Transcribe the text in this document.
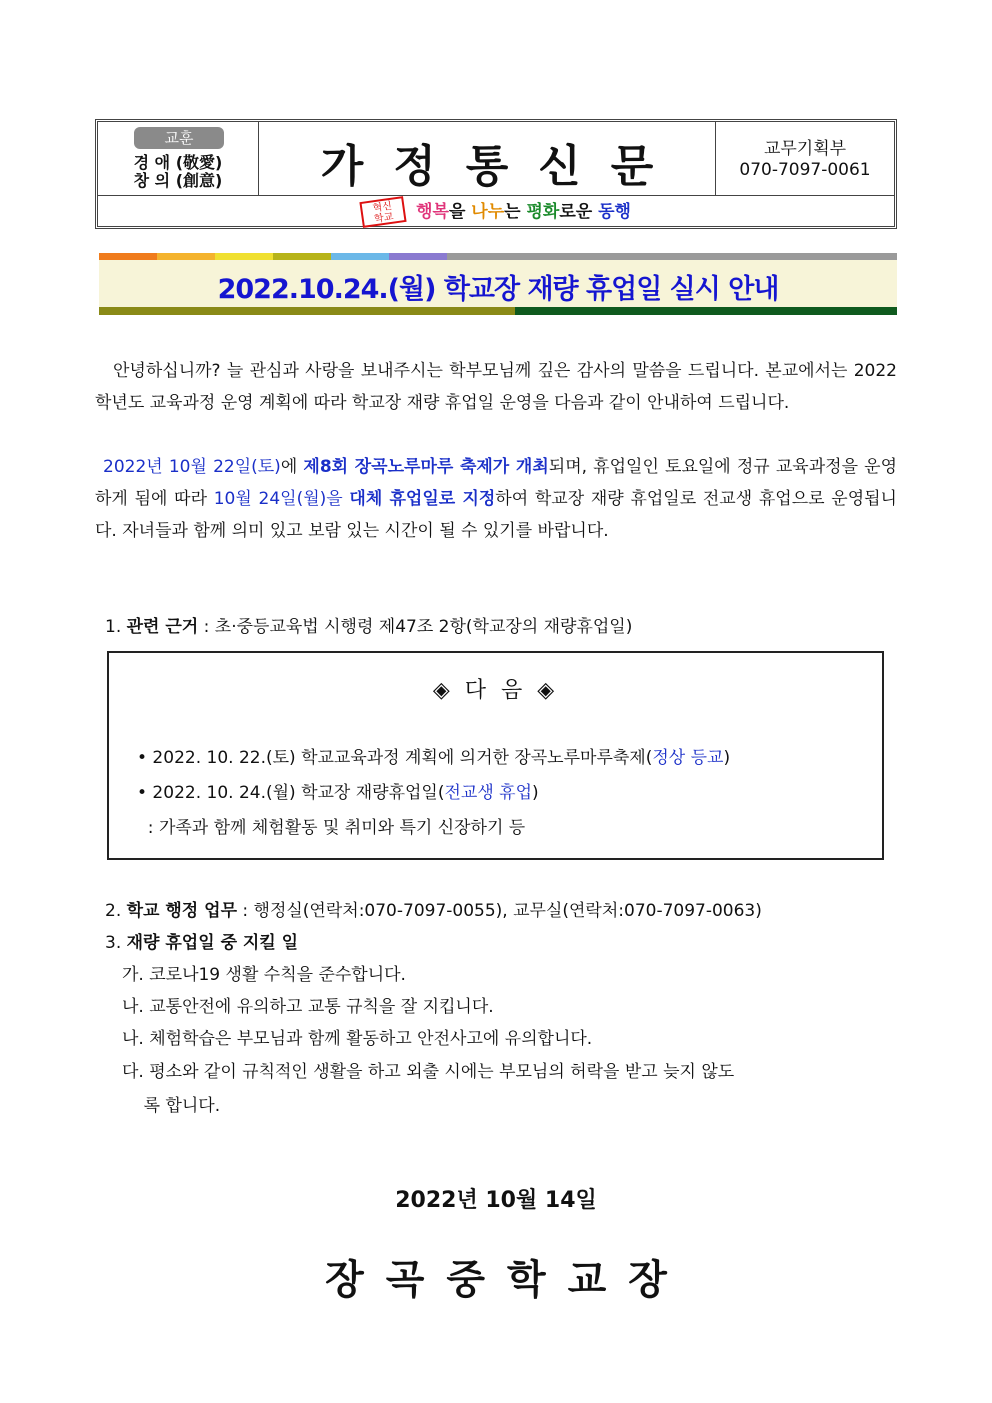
교훈
경 애 (敬愛)
창 의 (創意)	가정통신문	교무기획부
070-7097-0061
혁신
학교 행복을 나누는 평화로운 동행
2022.10.24.(월) 학교장 재량 휴업일 실시 안내
안녕하십니까? 늘 관심과 사랑을 보내주시는 학부모님께 깊은 감사의 말씀을 드립니다. 본교에서는 2022학년도 교육과정 운영 계획에 따라 학교장 재량 휴업일 운영을 다음과 같이 안내하여 드립니다.
2022년 10월 22일(토)에 제8회 장곡노루마루 축제가 개최되며, 휴업일인 토요일에 정규 교육과정을 운영하게 됨에 따라 10월 24일(월)을 대체 휴업일로 지정하여 학교장 재량 휴업일로 전교생 휴업으로 운영됩니다. 자녀들과 함께 의미 있고 보람 있는 시간이 될 수 있기를 바랍니다.
1. 관련 근거 : 초·중등교육법 시행령 제47조 2항(학교장의 재량휴업일)
◈ 다 음 ◈
• 2022. 10. 22.(토) 학교교육과정 계획에 의거한 장곡노루마루축제(정상 등교)
• 2022. 10. 24.(월) 학교장 재량휴업일(전교생 휴업)
: 가족과 함께 체험활동 및 취미와 특기 신장하기 등
2. 학교 행정 업무 : 행정실(연락처:070-7097-0055), 교무실(연락처:070-7097-0063)
3. 재량 휴업일 중 지킬 일
가. 코로나19 생활 수칙을 준수합니다.
나. 교통안전에 유의하고 교통 규칙을 잘 지킵니다.
나. 체험학습은 부모님과 함께 활동하고 안전사고에 유의합니다.
다. 평소와 같이 규칙적인 생활을 하고 외출 시에는 부모님의 허락을 받고 늦지 않도
록 합니다.
2022년 10월 14일
장곡중학교장
